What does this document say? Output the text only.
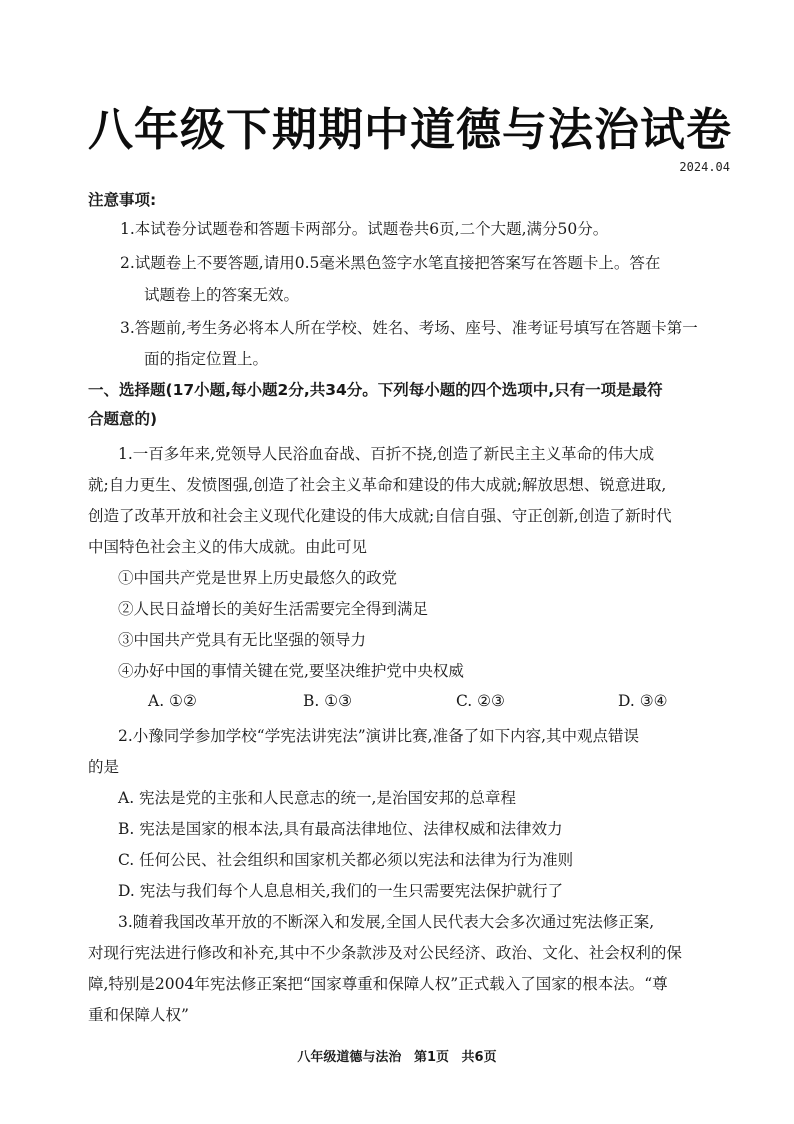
八年级下期期中道德与法治试卷
2024.04
注意事项:
1.本试卷分试题卷和答题卡两部分。试题卷共6页,二个大题,满分50分。
2.试题卷上不要答题,请用0.5毫米黑色签字水笔直接把答案写在答题卡上。答在
试题卷上的答案无效。
3.答题前,考生务必将本人所在学校、姓名、考场、座号、准考证号填写在答题卡第一
面的指定位置上。
一、选择题(17小题,每小题2分,共34分。下列每小题的四个选项中,只有一项是最符
合题意的)
1.一百多年来,党领导人民浴血奋战、百折不挠,创造了新民主主义革命的伟大成
就;自力更生、发愤图强,创造了社会主义革命和建设的伟大成就;解放思想、锐意进取,
创造了改革开放和社会主义现代化建设的伟大成就;自信自强、守正创新,创造了新时代
中国特色社会主义的伟大成就。由此可见
①中国共产党是世界上历史最悠久的政党
②人民日益增长的美好生活需要完全得到满足
③中国共产党具有无比坚强的领导力
④办好中国的事情关键在党,要坚决维护党中央权威
A. ①②	B. ①③	C. ②③	D. ③④
2.小豫同学参加学校“学宪法讲宪法”演讲比赛,准备了如下内容,其中观点错误
的是
A. 宪法是党的主张和人民意志的统一,是治国安邦的总章程
B. 宪法是国家的根本法,具有最高法律地位、法律权威和法律效力
C. 任何公民、社会组织和国家机关都必须以宪法和法律为行为准则
D. 宪法与我们每个人息息相关,我们的一生只需要宪法保护就行了
3.随着我国改革开放的不断深入和发展,全国人民代表大会多次通过宪法修正案,
对现行宪法进行修改和补充,其中不少条款涉及对公民经济、政治、文化、社会权利的保
障,特别是2004年宪法修正案把“国家尊重和保障人权”正式载入了国家的根本法。“尊
重和保障人权”
八年级道德与法治 第1页 共6页
